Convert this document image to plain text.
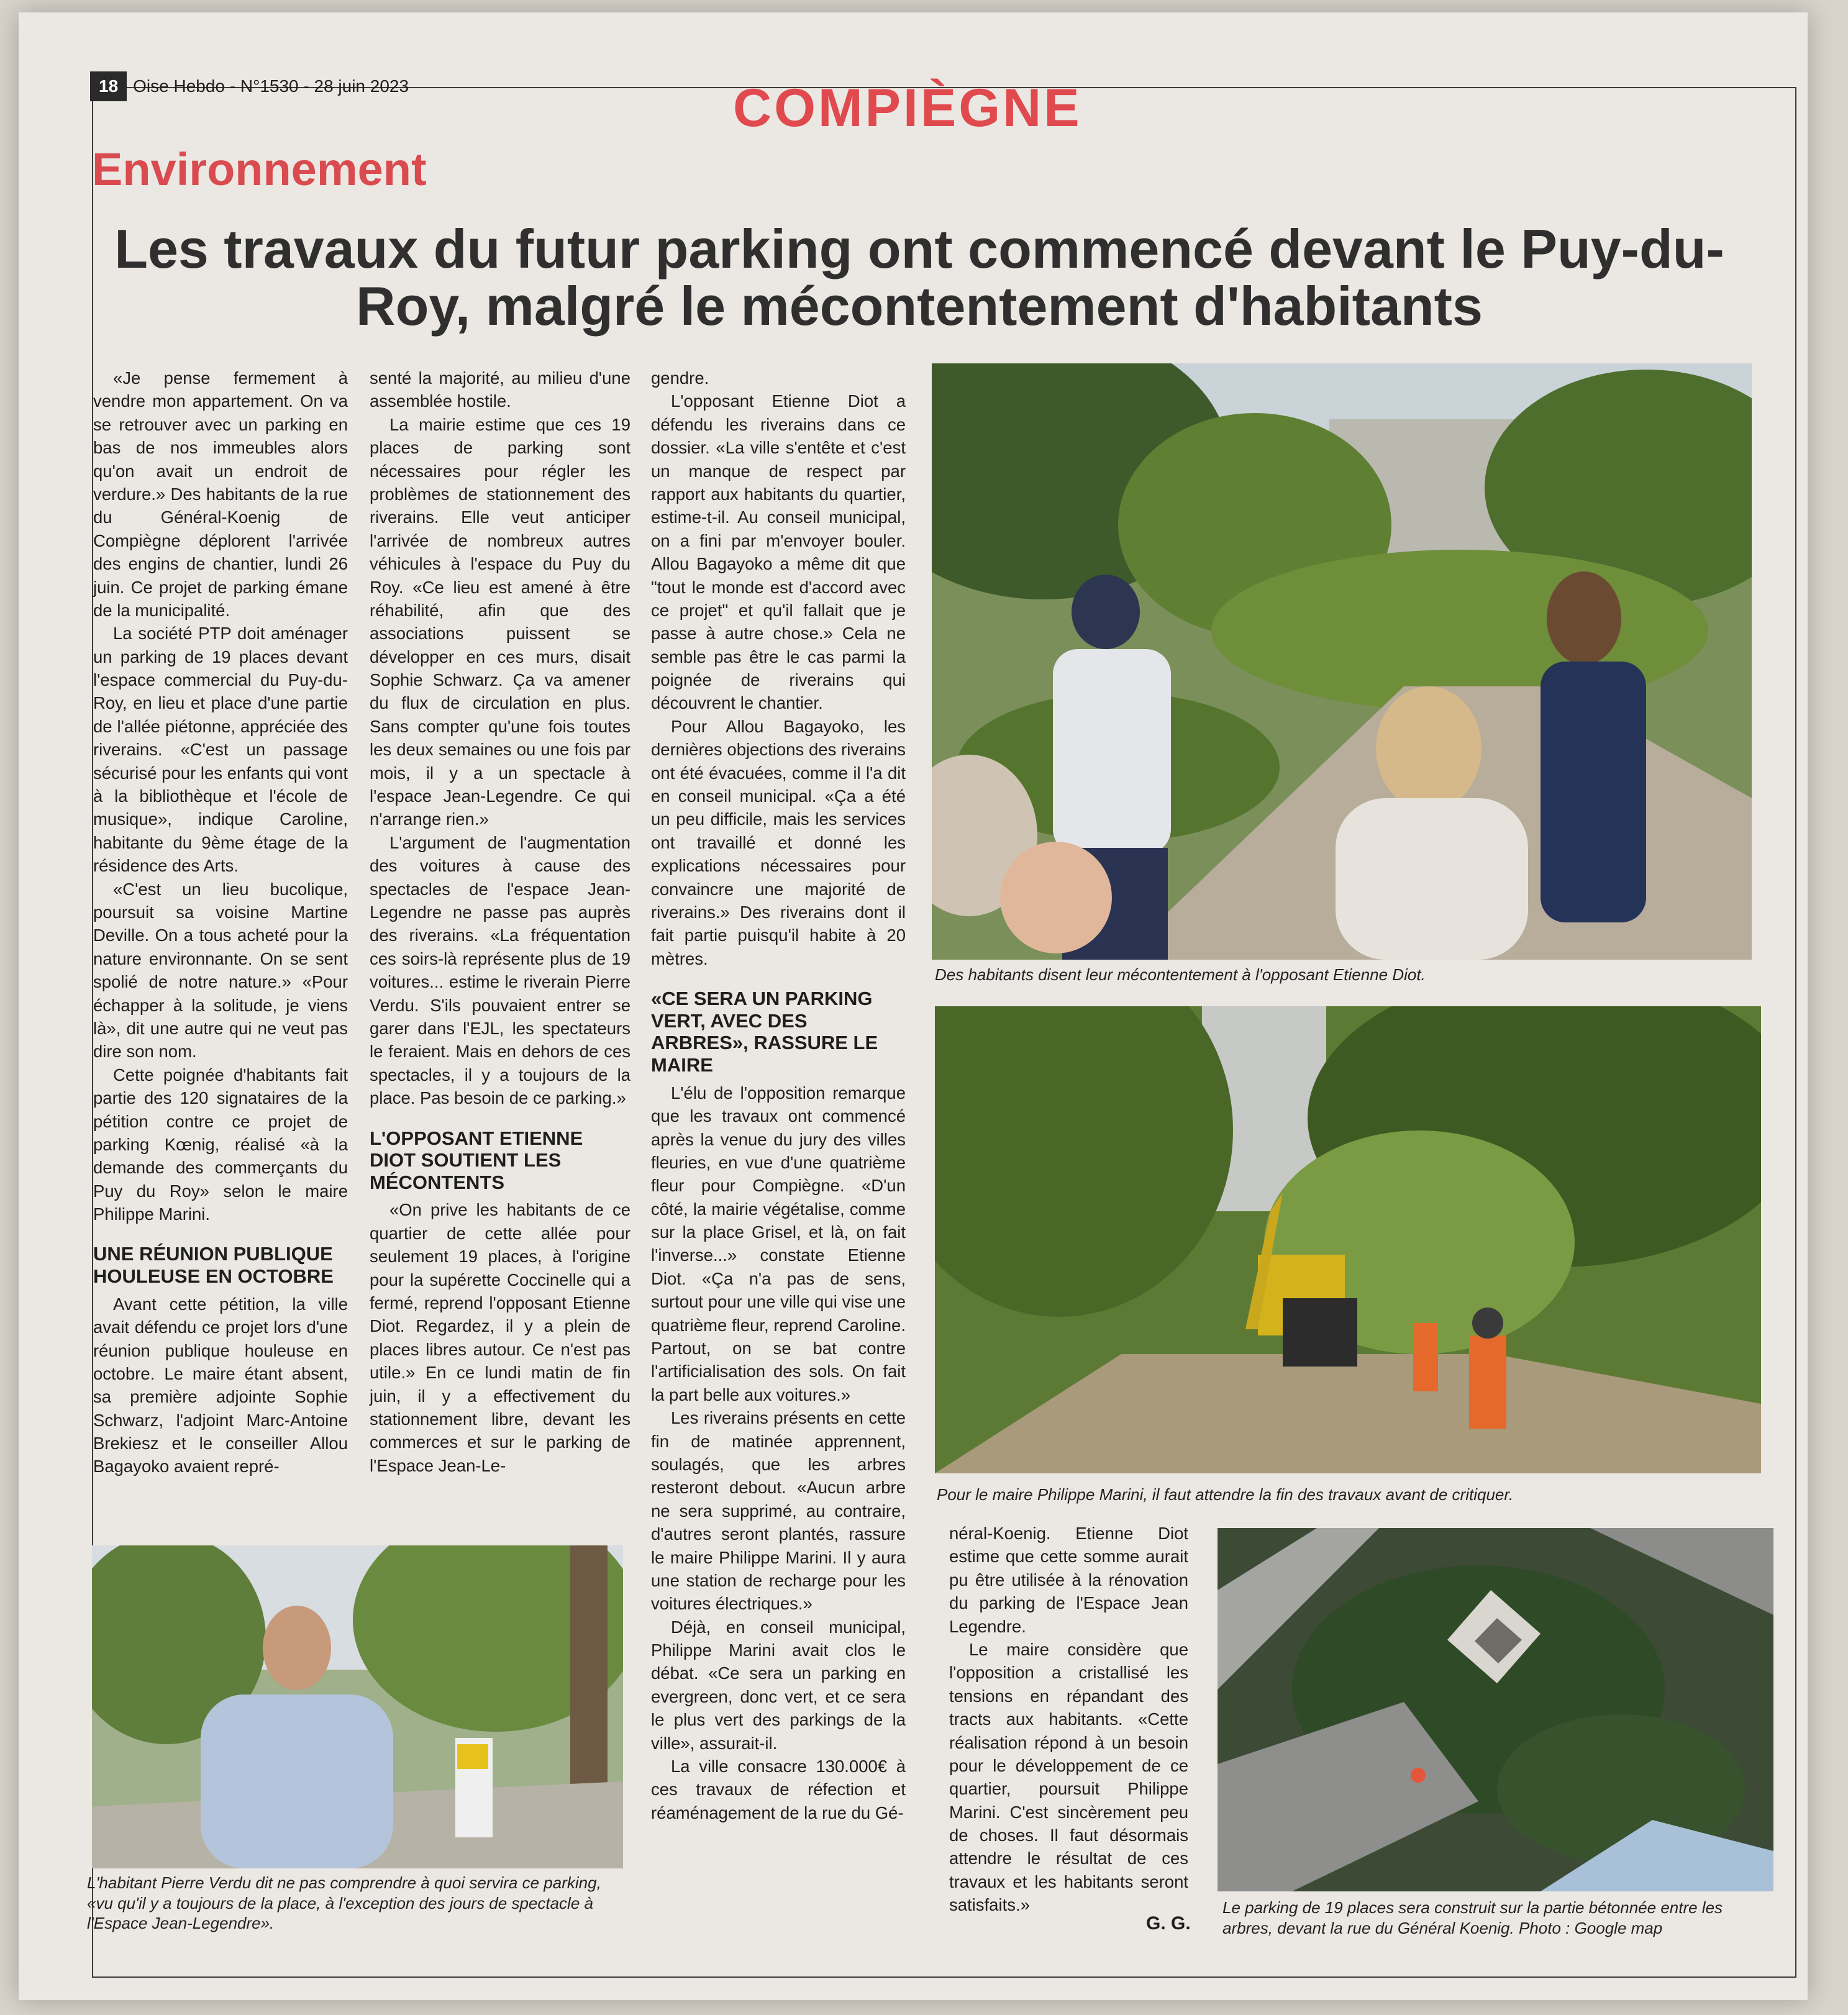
18 Oise Hebdo - N°1530 - 28 juin 2023	COMPIÈGNE
Environnement
Les travaux du futur parking ont commencé devant le Puy-du-Roy, malgré le mécontentement d'habitants

«Je pense fermement à vendre mon appartement. On va se retrouver avec un parking en bas de nos immeubles alors qu'on avait un endroit de verdure.» Des habitants de la rue du Général-Koenig de Compiègne déplorent l'arrivée des engins de chantier, lundi 26 juin. Ce projet de parking émane de la municipalité.

La société PTP doit aménager un parking de 19 places devant l'espace commercial du Puy-du-Roy, en lieu et place d'une partie de l'allée piétonne, appréciée des riverains. «C'est un passage sécurisé pour les enfants qui vont à la bibliothèque et l'école de musique», indique Caroline, habitante du 9ème étage de la résidence des Arts.

«C'est un lieu bucolique, poursuit sa voisine Martine Deville. On a tous acheté pour la nature environnante. On se sent spolié de notre nature.» «Pour échapper à la solitude, je viens là», dit une autre qui ne veut pas dire son nom.

Cette poignée d'habitants fait partie des 120 signataires de la pétition contre ce projet de parking Kœnig, réalisé «à la demande des commerçants du Puy du Roy» selon le maire Philippe Marini.

UNE RÉUNION PUBLIQUE HOULEUSE EN OCTOBRE

Avant cette pétition, la ville avait défendu ce projet lors d'une réunion publique houleuse en octobre. Le maire étant absent, sa première adjointe Sophie Schwarz, l'adjoint Marc-Antoine Brekiesz et le conseiller Allou Bagayoko avaient repré-

senté la majorité, au milieu d'une assemblée hostile.

La mairie estime que ces 19 places de parking sont nécessaires pour régler les problèmes de stationnement des riverains. Elle veut anticiper l'arrivée de nombreux autres véhicules à l'espace du Puy du Roy. «Ce lieu est amené à être réhabilité, afin que des associations puissent se développer en ces murs, disait Sophie Schwarz. Ça va amener du flux de circulation en plus. Sans compter qu'une fois toutes les deux semaines ou une fois par mois, il y a un spectacle à l'espace Jean-Legendre. Ce qui n'arrange rien.»

L'argument de l'augmentation des voitures à cause des spectacles de l'espace Jean-Legendre ne passe pas auprès des riverains. «La fréquentation ces soirs-là représente plus de 19 voitures... estime le riverain Pierre Verdu. S'ils pouvaient entrer se garer dans l'EJL, les spectateurs le feraient. Mais en dehors de ces spectacles, il y a toujours de la place. Pas besoin de ce parking.»

L'OPPOSANT ETIENNE DIOT SOUTIENT LES MÉCONTENTS

«On prive les habitants de ce quartier de cette allée pour seulement 19 places, à l'origine pour la supérette Coccinelle qui a fermé, reprend l'opposant Etienne Diot. Regardez, il y a plein de places libres autour. Ce n'est pas utile.» En ce lundi matin de fin juin, il y a effectivement du stationnement libre, devant les commerces et sur le parking de l'Espace Jean-Le-

gendre.

L'opposant Etienne Diot a défendu les riverains dans ce dossier. «La ville s'entête et c'est un manque de respect par rapport aux habitants du quartier, estime-t-il. Au conseil municipal, on a fini par m'envoyer bouler. Allou Bagayoko a même dit que "tout le monde est d'accord avec ce projet" et qu'il fallait que je passe à autre chose.» Cela ne semble pas être le cas parmi la poignée de riverains qui découvrent le chantier.

Pour Allou Bagayoko, les dernières objections des riverains ont été évacuées, comme il l'a dit en conseil municipal. «Ça a été un peu difficile, mais les services ont travaillé et donné les explications nécessaires pour convaincre une majorité de riverains.» Des riverains dont il fait partie puisqu'il habite à 20 mètres.

«CE SERA UN PARKING VERT, AVEC DES ARBRES», RASSURE LE MAIRE

L'élu de l'opposition remarque que les travaux ont commencé après la venue du jury des villes fleuries, en vue d'une quatrième fleur pour Compiègne. «D'un côté, la mairie végétalise, comme sur la place Grisel, et là, on fait l'inverse...» constate Etienne Diot. «Ça n'a pas de sens, surtout pour une ville qui vise une quatrième fleur, reprend Caroline. Partout, on se bat contre l'artificialisation des sols. On fait la part belle aux voitures.»

Les riverains présents en cette fin de matinée apprennent, soulagés, que les arbres resteront debout. «Aucun arbre ne sera supprimé, au contraire, d'autres seront plantés, rassure le maire Philippe Marini. Il y aura une station de recharge pour les voitures électriques.»

Déjà, en conseil municipal, Philippe Marini avait clos le débat. «Ce sera un parking en evergreen, donc vert, et ce sera le plus vert des parkings de la ville», assurait-il.

La ville consacre 130.000€ à ces travaux de réfection et réaménagement de la rue du Gé-

néral-Koenig. Etienne Diot estime que cette somme aurait pu être utilisée à la rénovation du parking de l'Espace Jean Legendre.

Le maire considère que l'opposition a cristallisé les tensions en répandant des tracts aux habitants. «Cette réalisation répond à un besoin pour le développement de ce quartier, poursuit Philippe Marini. C'est sincèrement peu de choses. Il faut désormais attendre le résultat de ces travaux et les habitants seront satisfaits.»

G. G.
Des habitants disent leur mécontentement à l'opposant Etienne Diot.
Pour le maire Philippe Marini, il faut attendre la fin des travaux avant de critiquer.
L'habitant Pierre Verdu dit ne pas comprendre à quoi servira ce parking, «vu qu'il y a toujours de la place, à l'exception des jours de spectacle à l'Espace Jean-Legendre».
Le parking de 19 places sera construit sur la partie bétonnée entre les arbres, devant la rue du Général Koenig. Photo : Google map
